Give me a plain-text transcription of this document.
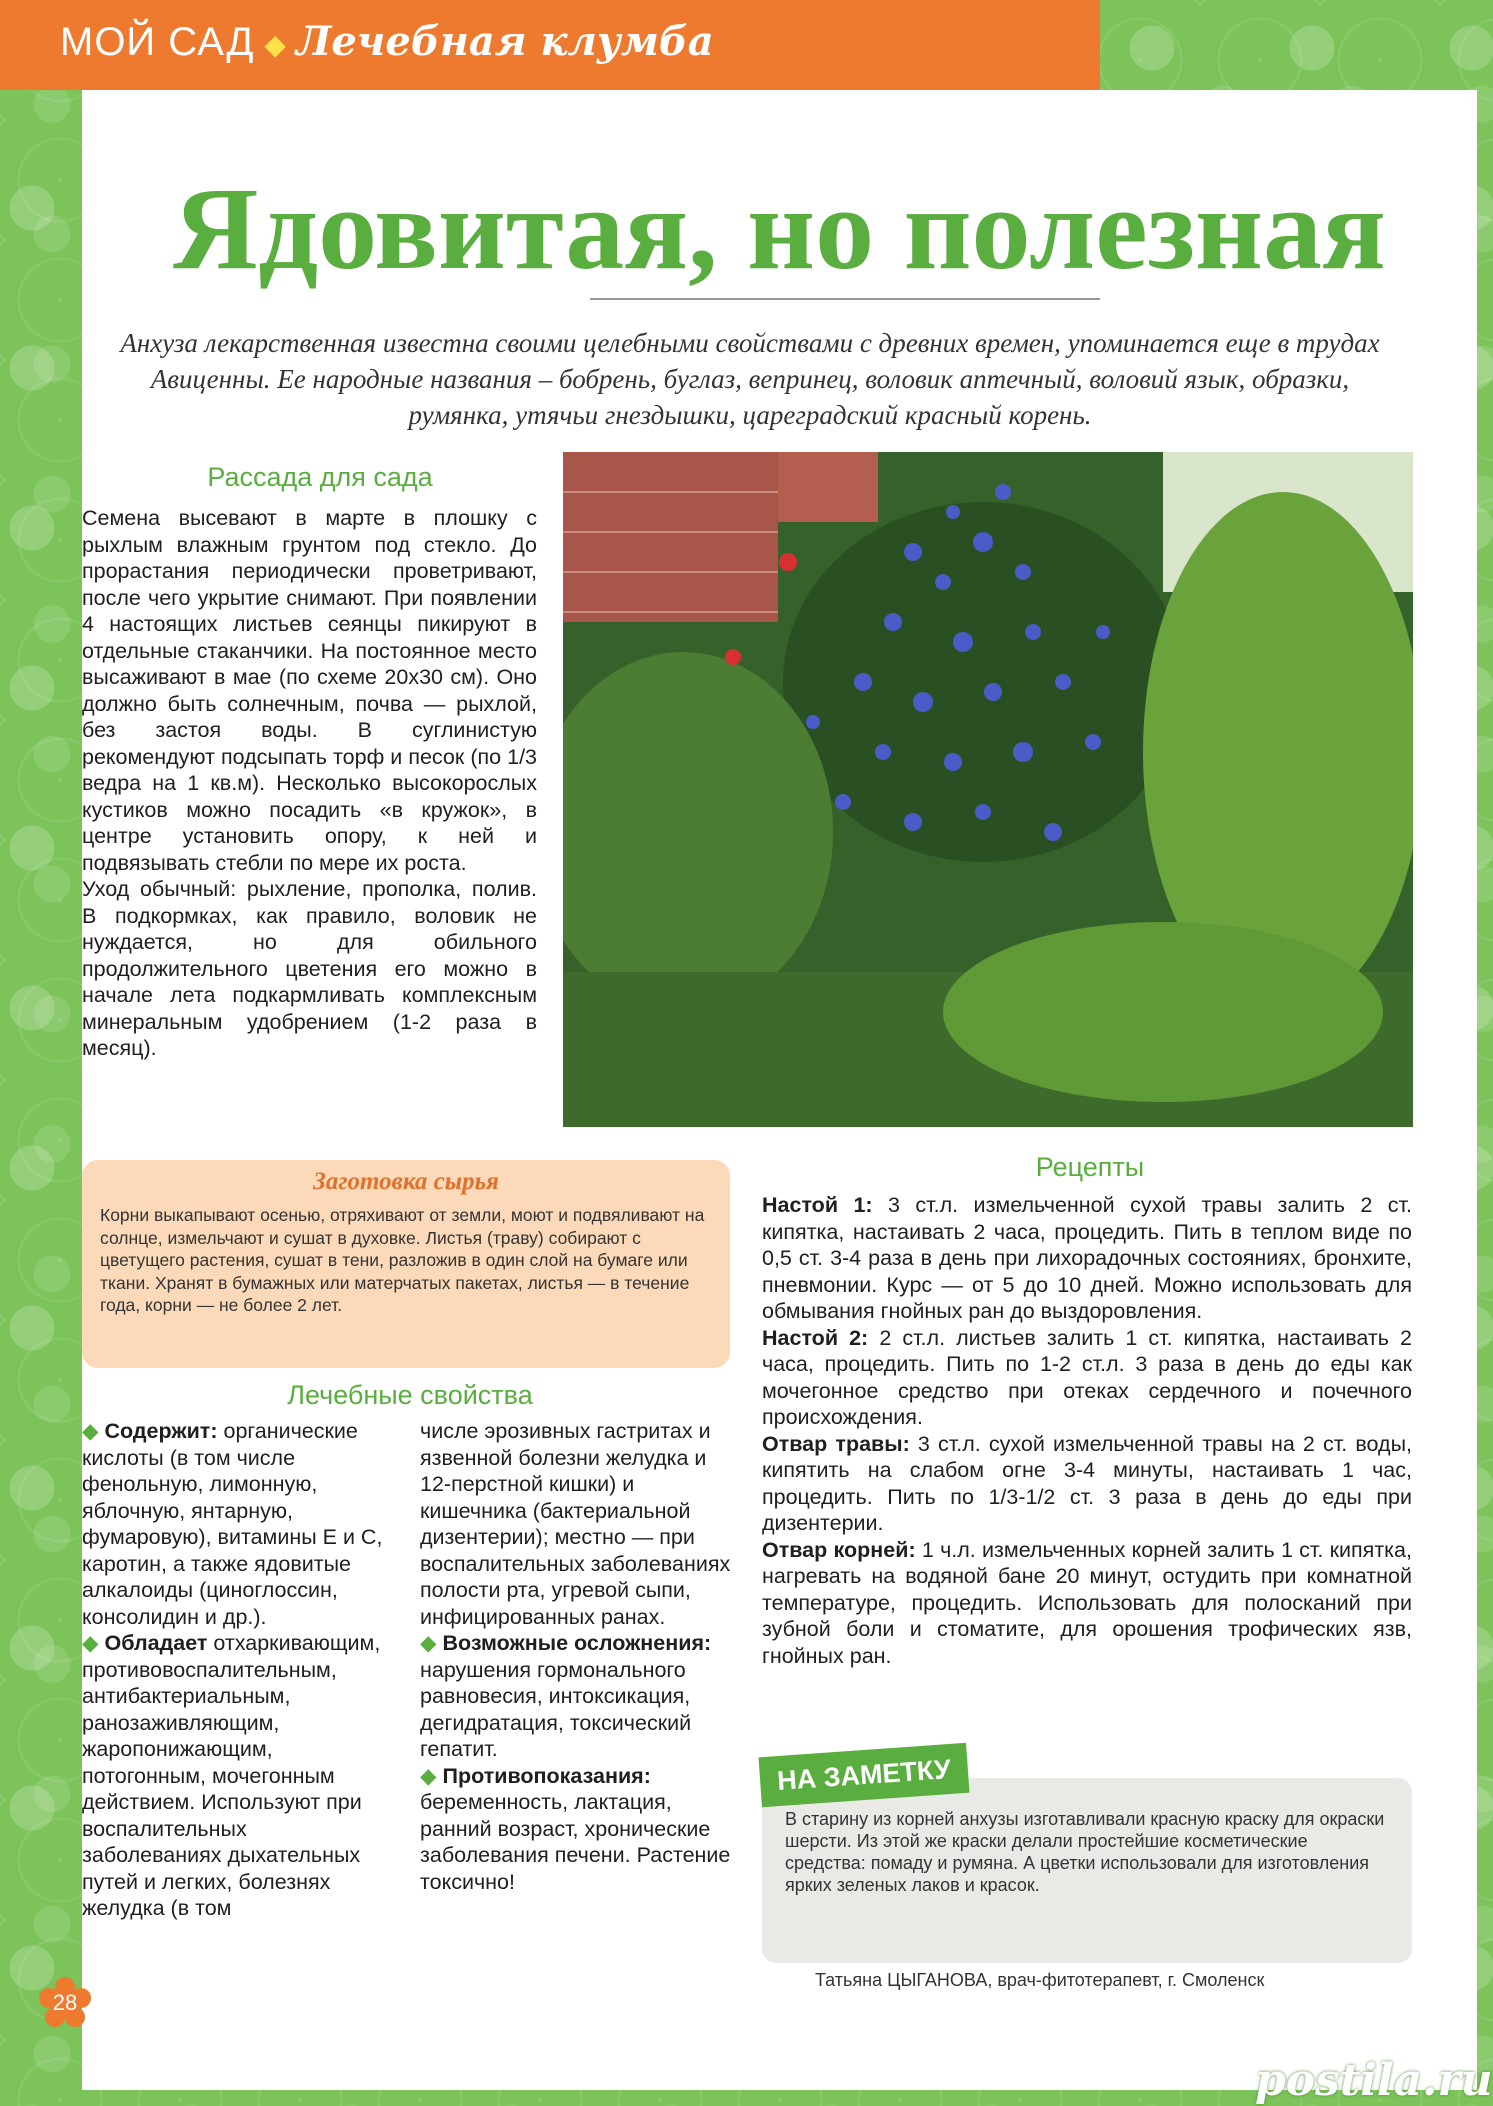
МОЙ САД ◆ Лечебная клумба
Ядовитая, но полезная
Анхуза лекарственная известна своими целебными свойствами с древних времен, упоминается еще в трудах Авиценны. Ее народные названия – бобрень, буглаз, вепринец, воловик аптечный, воловий язык, образки, румянка, утячьи гнездышки, цареградский красный корень.
Рассада для сада

Семена высевают в марте в плошку с рыхлым влажным грунтом под стекло. До прорастания периодически проветривают, после чего укрытие снимают. При появлении 4 настоящих листьев сеянцы пикируют в отдельные стаканчики. На постоянное место высаживают в мае (по схеме 20х30 см). Оно должно быть солнечным, почва — рыхлой, без застоя воды. В суглинистую рекомендуют подсыпать торф и песок (по 1/3 ведра на 1 кв.м). Несколько высокорослых кустиков можно посадить «в кружок», в центре установить опору, к ней и подвязывать стебли по мере их роста.

Уход обычный: рыхление, прополка, полив. В подкормках, как правило, воловик не нуждается, но для обильного продолжительного цветения его можно в начале лета подкармливать комплексным минеральным удобрением (1-2 раза в месяц).

Заготовка сырья
Корни выкапывают осенью, отряхивают от земли, моют и подвяливают на солнце, измельчают и сушат в духовке. Листья (траву) собирают с цветущего растения, сушат в тени, разложив в один слой на бумаге или ткани. Хранят в бумажных или матерчатых пакетах, листья — в течение года, корни — не более 2 лет.
Лечебные свойства

◆ Содержит: органические кислоты (в том числе фенольную, лимонную, яблочную, янтарную, фумаровую), витамины Е и С, каротин, а также ядовитые алкалоиды (циноглоссин, консолидин и др.).

◆ Обладает отхаркивающим, противовоспалительным, антибактериальным, ранозаживляющим, жаропонижающим, потогонным, мочегонным действием. Используют при воспалительных заболеваниях дыхательных путей и легких, болезнях желудка (в том

числе эрозивных гастритах и язвенной болезни желудка и 12-перстной кишки) и кишечника (бактериальной дизентерии); местно — при воспалительных заболеваниях полости рта, угревой сыпи, инфицированных ранах.

◆ Возможные осложнения: нарушения гормонального равновесия, интоксикация, дегидратация, токсический гепатит.

◆ Противопоказания: беременность, лактация, ранний возраст, хронические заболевания печени. Растение токсично!

Рецепты

Настой 1: 3 ст.л. измельченной сухой травы залить 2 ст. кипятка, настаивать 2 часа, процедить. Пить в теплом виде по 0,5 ст. 3-4 раза в день при лихорадочных состояниях, бронхите, пневмонии. Курс — от 5 до 10 дней. Можно использовать для обмывания гнойных ран до выздоровления.

Настой 2: 2 ст.л. листьев залить 1 ст. кипятка, настаивать 2 часа, процедить. Пить по 1-2 ст.л. 3 раза в день до еды как мочегонное средство при отеках сердечного и почечного происхождения.

Отвар травы: 3 ст.л. сухой измельченной травы на 2 ст. воды, кипятить на слабом огне 3-4 минуты, настаивать 1 час, процедить. Пить по 1/3-1/2 ст. 3 раза в день до еды при дизентерии.

Отвар корней: 1 ч.л. измельченных корней залить 1 ст. кипятка, нагревать на водяной бане 20 минут, остудить при комнатной температуре, процедить. Использовать для полосканий при зубной боли и стоматите, для орошения трофических язв, гнойных ран.

НА ЗАМЕТКУ
В старину из корней анхузы изготавливали красную краску для окраски шерсти. Из этой же краски делали простейшие косметические средства: помаду и румяна. А цветки использовали для изготовления ярких зеленых лаков и красок.
Татьяна ЦЫГАНОВА, врач-фитотерапевт, г. Смоленск
28
postila.ru
